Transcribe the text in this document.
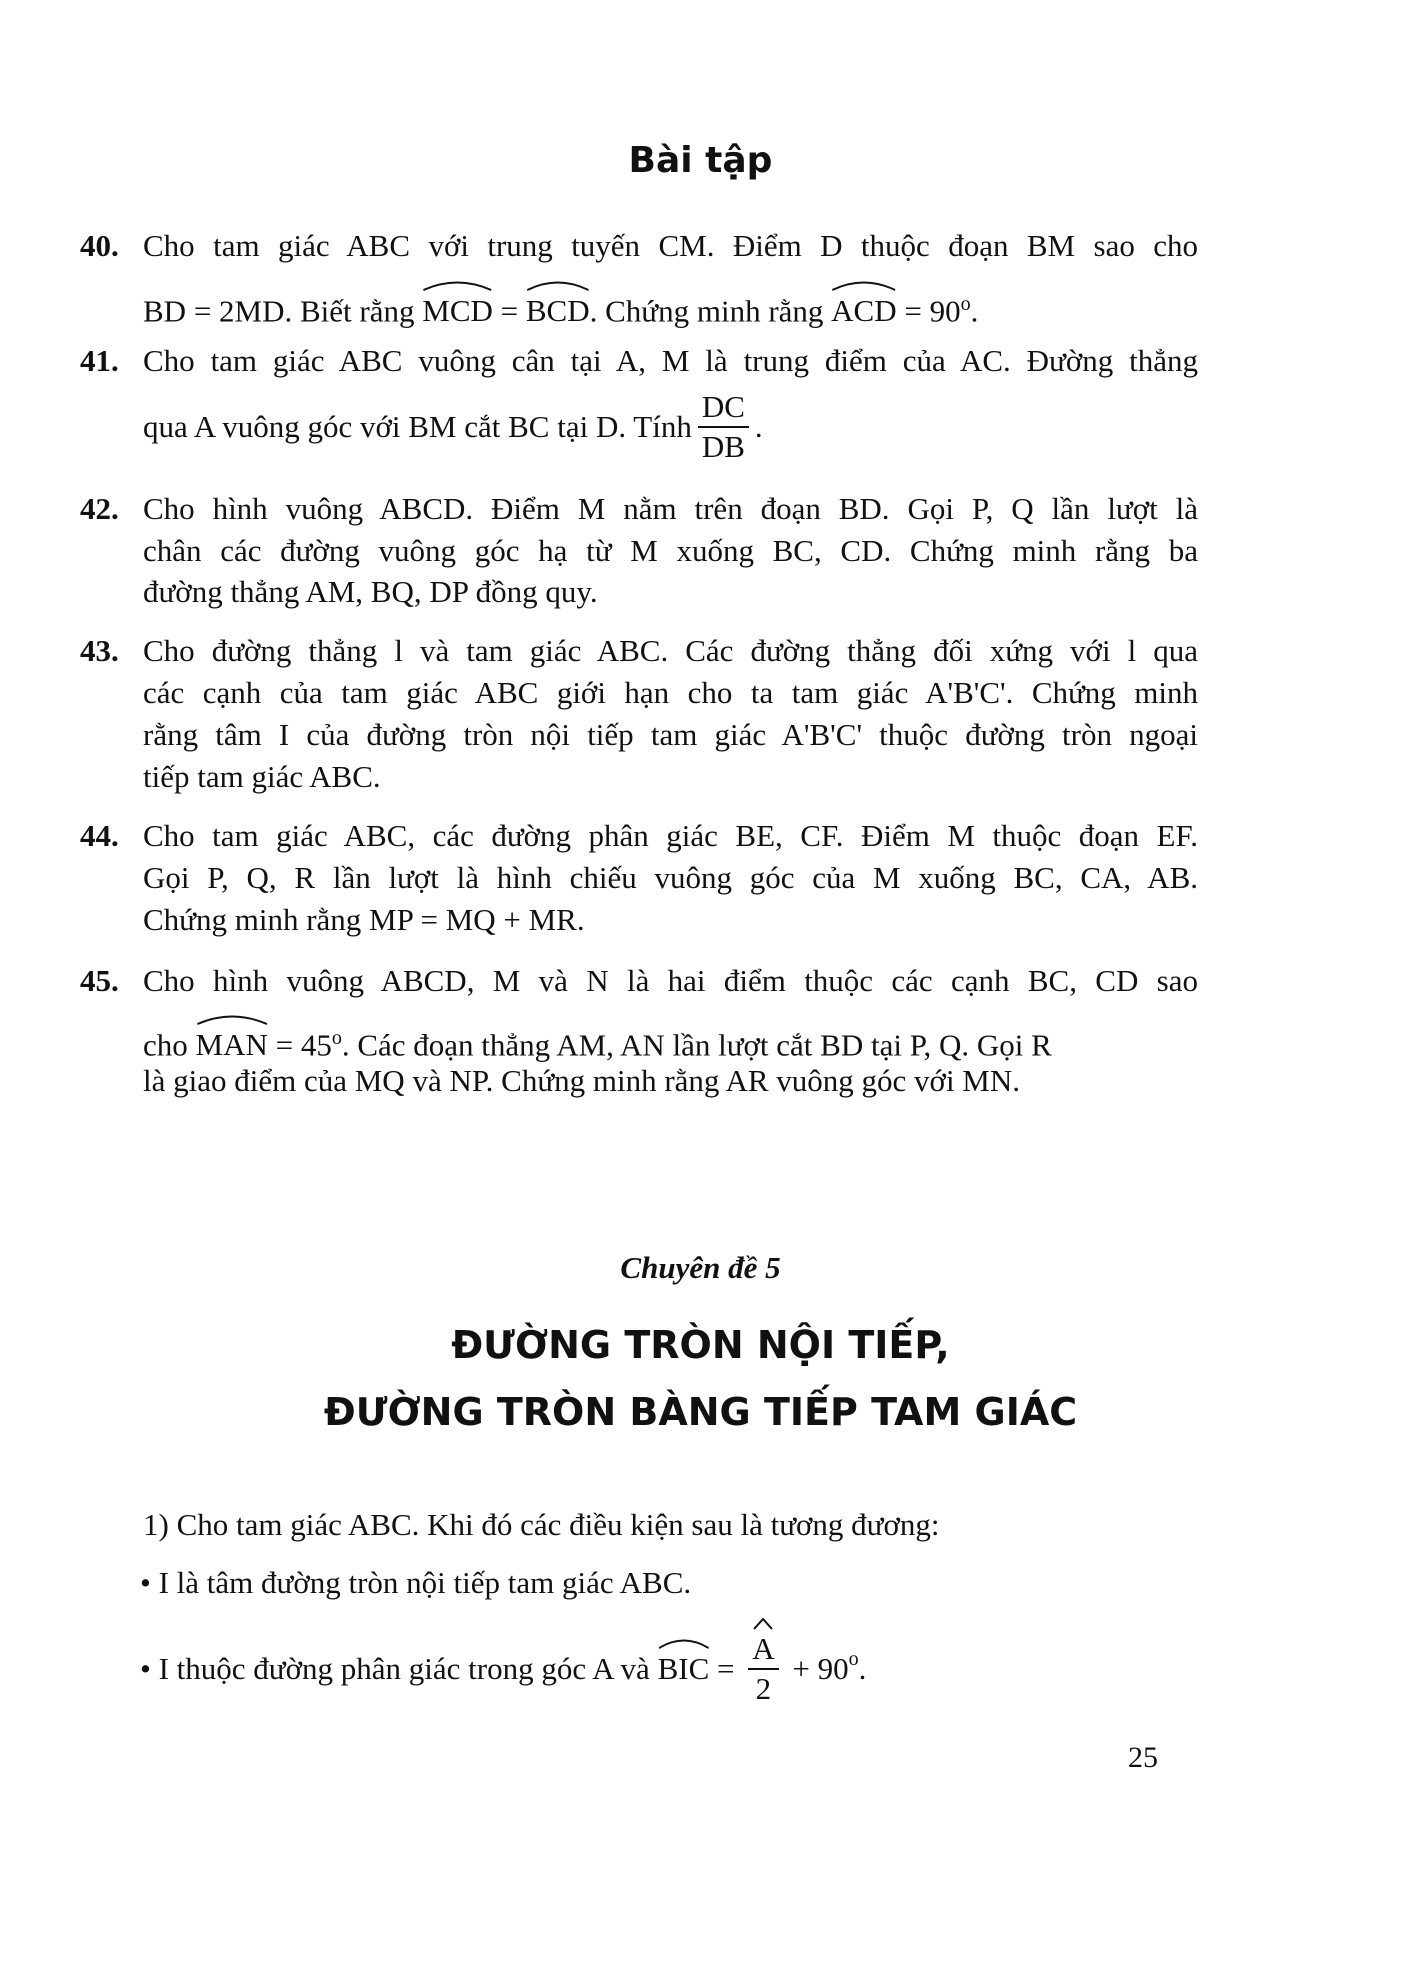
Bài tập
40. Cho tam giác ABC với trung tuyến CM. Điểm D thuộc đoạn BM sao cho
BD = 2MD. Biết rằng
MCD =
BCD. Chứng minh rằng
ACD = $90^o$.
41. Cho tam giác ABC vuông cân tại A, M là trung điểm của AC. Đường thẳng
qua A vuông góc với BM cắt BC tại D. Tính $\frac{DC}{DB}$ .
42. Cho hình vuông ABCD. Điểm M nằm trên đoạn BD. Gọi P, Q lần lượt là
chân các đường vuông góc hạ từ M xuống BC, CD. Chứng minh rằng ba
đường thẳng AM, BQ, DP đồng quy.
43. Cho đường thẳng l và tam giác ABC. Các đường thẳng đối xứng với l qua
các cạnh của tam giác ABC giới hạn cho ta tam giác A'B'C'. Chứng minh
rằng tâm I của đường tròn nội tiếp tam giác A'B'C' thuộc đường tròn ngoại
tiếp tam giác ABC.
44. Cho tam giác ABC, các đường phân giác BE, CF. Điểm M thuộc đoạn EF.
Gọi P, Q, R lần lượt là hình chiếu vuông góc của M xuống BC, CA, AB.
Chứng minh rằng MP = MQ + MR.
45. Cho hình vuông ABCD, M và N là hai điểm thuộc các cạnh BC, CD sao
cho
MAN = $45^o$. Các đoạn thẳng AM, AN lần lượt cắt BD tại P, Q. Gọi R
là giao điểm của MQ và NP. Chứng minh rằng AR vuông góc với MN.
Chuyên đề 5
ĐƯỜNG TRÒN NỘI TIẾP,
ĐƯỜNG TRÒN BÀNG TIẾP TAM GIÁC
1) Cho tam giác ABC. Khi đó các điều kiện sau là tương đương:
• I là tâm đường tròn nội tiếp tam giác ABC.
• I thuộc đường phân giác trong góc A và
BIC = $\frac{A}{2} + 90^o$.
25
